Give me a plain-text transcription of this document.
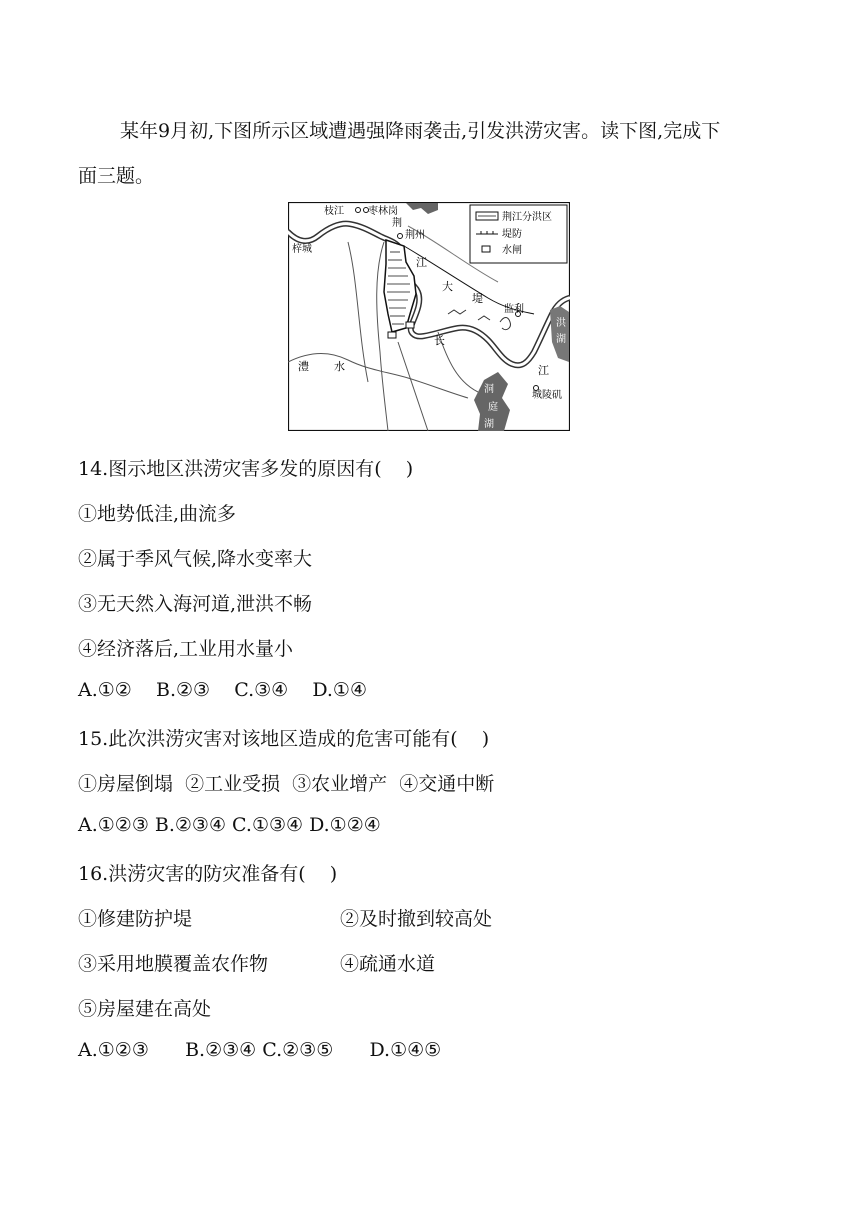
某年9月初,下图所示区域遭遇强降雨袭击,引发洪涝灾害。读下图,完成下
面三题。
荆江分洪区
堤防
水闸
枝江 枣林岗
荆
荆州
梓城
江
大
堤
监利
长
江
澧 水
城陵矶
洞
庭
湖
洪
湖
14.图示地区洪涝灾害多发的原因有(    )
①地势低洼,曲流多
②属于季风气候,降水变率大
③无天然入海河道,泄洪不畅
④经济落后,工业用水量小
A.①②    B.②③    C.③④    D.①④
15.此次洪涝灾害对该地区造成的危害可能有(    )
①房屋倒塌  ②工业受损  ③农业增产  ④交通中断
A.①②③ B.②③④ C.①③④ D.①②④
16.洪涝灾害的防灾准备有(    )
①修建防护堤	②及时撤到较高处
③采用地膜覆盖农作物	④疏通水道
⑤房屋建在高处
A.①②③      B.②③④ C.②③⑤      D.①④⑤
